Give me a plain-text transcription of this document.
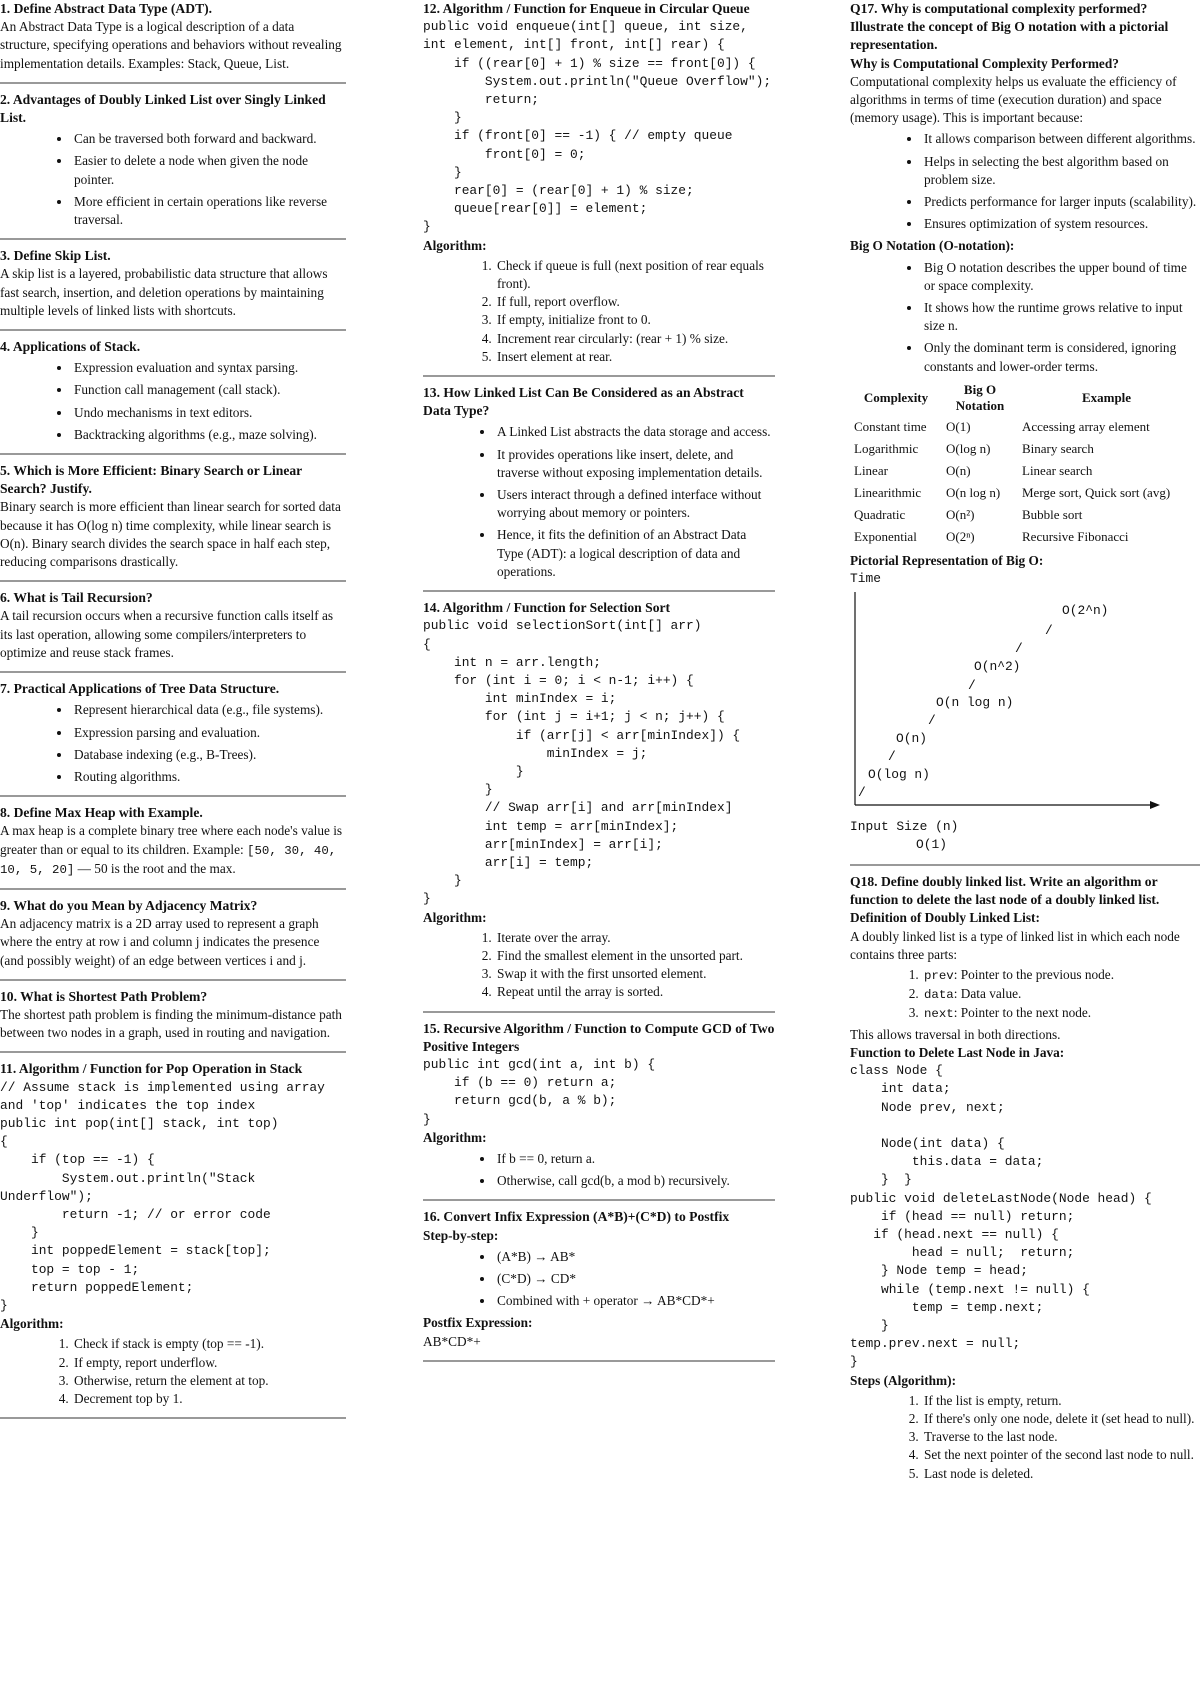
1. Define Abstract Data Type (ADT).

An Abstract Data Type is a logical description of a data structure, specifying operations and behaviors without revealing implementation details. Examples: Stack, Queue, List.

2. Advantages of Doubly Linked List over Singly Linked List.
• Can be traversed both forward and backward.
• Easier to delete a node when given the node pointer.
• More efficient in certain operations like reverse traversal.
3. Define Skip List.

A skip list is a layered, probabilistic data structure that allows fast search, insertion, and deletion operations by maintaining multiple levels of linked lists with shortcuts.

4. Applications of Stack.
• Expression evaluation and syntax parsing.
• Function call management (call stack).
• Undo mechanisms in text editors.
• Backtracking algorithms (e.g., maze solving).
5. Which is More Efficient: Binary Search or Linear Search? Justify.

Binary search is more efficient than linear search for sorted data because it has O(log n) time complexity, while linear search is O(n). Binary search divides the search space in half each step, reducing comparisons drastically.

6. What is Tail Recursion?

A tail recursion occurs when a recursive function calls itself as its last operation, allowing some compilers/interpreters to optimize and reuse stack frames.

7. Practical Applications of Tree Data Structure.
• Represent hierarchical data (e.g., file systems).
• Expression parsing and evaluation.
• Database indexing (e.g., B-Trees).
• Routing algorithms.
8. Define Max Heap with Example.

A max heap is a complete binary tree where each node's value is greater than or equal to its children. Example: [50, 30, 40, 10, 5, 20] — 50 is the root and the max.

9. What do you Mean by Adjacency Matrix?

An adjacency matrix is a 2D array used to represent a graph where the entry at row i and column j indicates the presence (and possibly weight) of an edge between vertices i and j.

10. What is Shortest Path Problem?

The shortest path problem is finding the minimum-distance path between two nodes in a graph, used in routing and navigation.

11. Algorithm / Function for Pop Operation in Stack
// Assume stack is implemented using array and 'top' indicates the top index
public int pop(int[] stack, int top)
{
if (top == -1) {
System.out.println("Stack Underflow");
return -1; // or error code
}
int poppedElement = stack[top];
top = top - 1;
return poppedElement;
}
Algorithm:
1. Check if stack is empty (top == -1).
2. If empty, report underflow.
3. Otherwise, return the element at top.
4. Decrement top by 1.
12. Algorithm / Function for Enqueue in Circular Queue
public void enqueue(int[] queue, int size, int element, int[] front, int[] rear) {
if ((rear[0] + 1) % size == front[0]) {
System.out.println("Queue Overflow");
return;
}
if (front[0] == -1) { // empty queue
front[0] = 0;
}
rear[0] = (rear[0] + 1) % size;
queue[rear[0]] = element;
}
Algorithm:
1. Check if queue is full (next position of rear equals front).
2. If full, report overflow.
3. If empty, initialize front to 0.
4. Increment rear circularly: (rear + 1) % size.
5. Insert element at rear.
13. How Linked List Can Be Considered as an Abstract Data Type?
• A Linked List abstracts the data storage and access.
• It provides operations like insert, delete, and traverse without exposing implementation details.
• Users interact through a defined interface without worrying about memory or pointers.
• Hence, it fits the definition of an Abstract Data Type (ADT): a logical description of data and operations.
14. Algorithm / Function for Selection Sort
public void selectionSort(int[] arr)
{
int n = arr.length;
for (int i = 0; i < n-1; i++) {
int minIndex = i;
for (int j = i+1; j < n; j++) {
if (arr[j] < arr[minIndex]) {
minIndex = j;
}
}
// Swap arr[i] and arr[minIndex]
int temp = arr[minIndex];
arr[minIndex] = arr[i];
arr[i] = temp;
}
}
Algorithm:
1. Iterate over the array.
2. Find the smallest element in the unsorted part.
3. Swap it with the first unsorted element.
4. Repeat until the array is sorted.
15. Recursive Algorithm / Function to Compute GCD of Two Positive Integers
public int gcd(int a, int b) {
if (b == 0) return a;
return gcd(b, a % b);
}
Algorithm:
• If b == 0, return a.
• Otherwise, call gcd(b, a mod b) recursively.
16. Convert Infix Expression (A*B)+(C*D) to Postfix
Step-by-step:
• (A*B) → AB*
• (C*D) → CD*
• Combined with + operator → AB*CD*+
Postfix Expression:
AB*CD*+
Q17. Why is computational complexity performed? Illustrate the concept of Big O notation with a pictorial representation.
Why is Computational Complexity Performed?

Computational complexity helps us evaluate the efficiency of algorithms in terms of time (execution duration) and space (memory usage). This is important because:

• It allows comparison between different algorithms.
• Helps in selecting the best algorithm based on problem size.
• Predicts performance for larger inputs (scalability).
• Ensures optimization of system resources.
Big O Notation (O-notation):
• Big O notation describes the upper bound of time or space complexity.
• It shows how the runtime grows relative to input size n.
• Only the dominant term is considered, ignoring constants and lower-order terms.
Complexity	Big O Notation	Example
Constant time	O(1)	Accessing array element
Logarithmic	O(log n)	Binary search
Linear	O(n)	Linear search
Linearithmic	O(n log n)	Merge sort, Quick sort (avg)
Quadratic	O(n²)	Bubble sort
Exponential	O(2ⁿ)	Recursive Fibonacci
Pictorial Representation of Big O:
Time
O(2^n)
/
/
O(n^2)
/
O(n log n)
/
O(n)
/
O(log n)
/
Input Size (n)
O(1)
Q18. Define doubly linked list. Write an algorithm or function to delete the last node of a doubly linked list.
Definition of Doubly Linked List:

A doubly linked list is a type of linked list in which each node contains three parts:

1. prev: Pointer to the previous node.
2. data: Data value.
3. next: Pointer to the next node.

This allows traversal in both directions.

Function to Delete Last Node in Java:
class Node {
int data;
Node prev, next;

Node(int data) {
this.data = data;
}  }
public void deleteLastNode(Node head) {
if (head == null) return;
if (head.next == null) {
head = null;  return;
} Node temp = head;
while (temp.next != null) {
temp = temp.next;
}
temp.prev.next = null;
}
Steps (Algorithm):
1. If the list is empty, return.
2. If there's only one node, delete it (set head to null).
3. Traverse to the last node.
4. Set the next pointer of the second last node to null.
5. Last node is deleted.
